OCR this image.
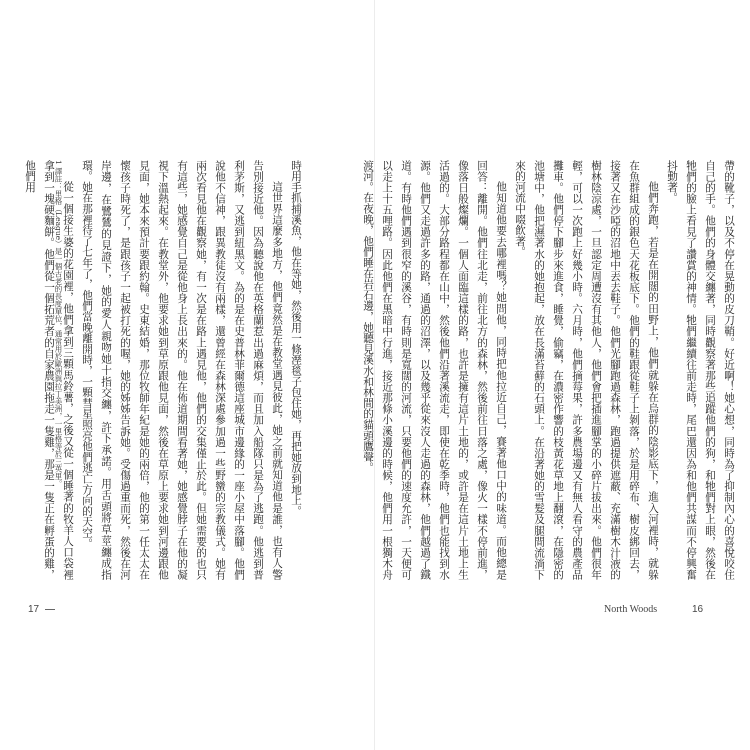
時用手抓捕溪魚，他在等她，然後用一條溼毯子包住她，再把她放到地上。

這世界這麼多地方，他們竟然是在教堂遇見彼此，她之前就知道他是誰，也有人警告別接近他。因為聽說他在英格蘭惹出過麻煩，而且加入船隊只是為了逃跑。他逃到普利茅斯，又逃到紐黑文。為的是在史普林菲爾德這座城市邊緣的一座小屋中落腳。他們說他不信神，跟異教徒沒有兩樣，還曾經在森林深處參加過一些野蠻的宗教儀式。她有兩次看見他在觀察她，有一次是在路上遇見他，他們的交集僅止於此。但她需要的也只有這些，她感覺自己是從他身上長出來的。他在佈道期間看著她，她感覺脖子在他的凝視下溫熱起來。在教堂外，他要求她到草原跟他見面，然後在草原上要求她到河邊跟他見面，她本來預計要跟約翰。史東結婚，那位牧師年紀是她的兩倍，他的第一任太太在懷孩子時死了，是跟孩子一起被打死的喔，她的姊姊告訴她。受傷過重而死，然後在河岸邊，在鷺鷥的見證下，她的愛人親吻她十指交纏，許下承諾。用舌頭將草莖纏成指環。她在那裡待了七年了，他們當晚離開時，一顆彗星照亮他們逃亡方向的天空。

從一個接生婆的花園裡，他們拿到三顆馬鈴薯，之後又從一個睡著的牧羊人口袋裡拿到一塊硬麵餅。他們從一個拓荒者的自家農園拖走一隻雞，那是一隻正在孵蛋的雞，他們用	1 譯註：里格（League）是一個古老的長度單位，通常用於歐洲與拉丁美洲，一里格等於三英里。
17

帶的靴子，以及不停在晃動的皮刀鞘。好近啊！她心想，同時為了抑制內心的喜悅咬住自己的手。他們的身體交纏著，同時觀察著那些追蹤他們的狗，和牠們對上眼，然後在牠們的臉上看見了讚賞的神情。牠們繼續往前走時，尾巴還因為和他們共謀而不停興奮抖動著。

他們奔跑，若是在開闊的田野上，他們就躲在烏群的陰影底下，進入河裡時，就躲在魚群組成的銀色天花板底下。他們的鞋跟從鞋子上剝落，於是用碎布、樹皮綁回去，接著又在沙啞的沼地中丟去鞋子。他們光腳跑過森林，跑過提供遮蔽、充滿樹木汁液的樹林陰涼處，一旦認定周遭沒有其他人，他們會把插進腳掌的小碎片拔出來。他們很年輕，可以一次跑上好幾小時。六月時，他們摘莓果，許多農場邊又有無人看守的農產品攤車。他們停下腳步來進食，睡覺，偷竊，在濃密作響的枝黃花草地上翻滾，在隱密的池塘中，他把濕著水的她抱起，放在長滿苔蘚的石頭上。在沿著她的雪髮及腿間流淌下來的河流中啜飲著。

他知道他要去哪裡嗎？她問他，同時把他拉近自己，賽著他口中的味道。而他總是回答：離開。他們往北走，前往北方的森林，然後前往日落之處，像火一樣不停前進，像落日般燦爛。一個人面臨這樣的路，也許是擁有這片土地的，或許是在這片土地上生活過的。大部分路程都在山中，然後他們沿著溪流走，即使在乾季時，他們也能找到水源。他們又走過許多的路，通過的沼澤，以及幾乎從來沒人走過的森林，他們越過了鐵道。有時他們遇到很窄的溪谷，有時則是寬闊的河流，只要他們的速度允許，一天便可以走上十五哩路。因此他們在黑暗中行進，接近那條小溪邊的時候，他們用一根獨木舟渡河。在夜晚，他們睡在岩石邊，她聽見溪水和林間的貓頭鷹聲。

North Woods	16
